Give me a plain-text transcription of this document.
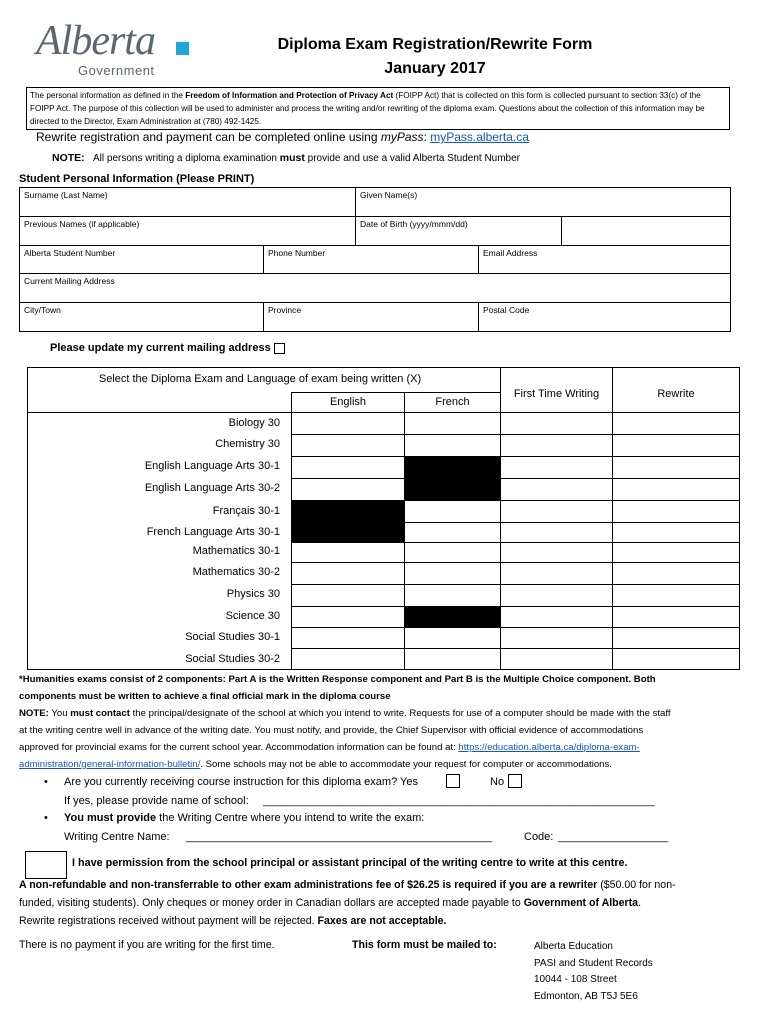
Alberta
Government
Diploma Exam Registration/Rewrite Form
January 2017
The personal information as defined in the Freedom of Information and Protection of Privacy Act (FOIPP Act) that is collected on this form is collected pursuant to section 33(c) of the FOIPP Act. The purpose of this collection will be used to administer and process the writing and/or rewriting of the diploma exam. Questions about the collection of this information may be directed to the Director, Exam Administration at (780) 492-1425.
Rewrite registration and payment can be completed online using myPass: myPass.alberta.ca
NOTE: All persons writing a diploma examination must provide and use a valid Alberta Student Number
Student Personal Information (Please PRINT)
Surname (Last Name)	Given Name(s)
Previous Names (if applicable)	Date of Birth (yyyy/mmm/dd)
Alberta Student Number	Phone Number	Email Address
Current Mailing Address
City/Town	Province	Postal Code
Please update my current mailing address
Select the Diploma Exam and Language of exam being written (X)
English	French
First Time Writing	Rewrite
Biology 30
Chemistry 30
English Language Arts 30-1
English Language Arts 30-2
Français 30-1
French Language Arts 30-1
Mathematics 30-1
Mathematics 30-2
Physics 30
Science 30
Social Studies 30-1
Social Studies 30-2
*Humanities exams consist of 2 components: Part A is the Written Response component and Part B is the Multiple Choice component. Both
components must be written to achieve a final official mark in the diploma course
NOTE: You must contact the principal/designate of the school at which you intend to write. Requests for use of a computer should be made with the staff
at the writing centre well in advance of the writing date. You must notify, and provide, the Chief Supervisor with official evidence of accommodations
approved for provincial exams for the current school year. Accommodation information can be found at: https://education.alberta.ca/diploma-exam-
administration/general-information-bulletin/. Some schools may not be able to accommodate your request for computer or accommodations.
• Are you currently receiving course instruction for this diploma exam? Yes	No
If yes, please provide name of school: ________________________________________________________________
• You must provide the Writing Centre where you intend to write the exam:
Writing Centre Name: __________________________________________________	Code: __________________
I have permission from the school principal or assistant principal of the writing centre to write at this centre.
A non-refundable and non-transferrable to other exam administrations fee of $26.25 is required if you are a rewriter ($50.00 for non-
funded, visiting students). Only cheques or money order in Canadian dollars are accepted made payable to Government of Alberta.
Rewrite registrations received without payment will be rejected. Faxes are not acceptable.
There is no payment if you are writing for the first time.	This form must be mailed to:	Alberta Education
PASI and Student Records
10044 - 108 Street
Edmonton, AB T5J 5E6
